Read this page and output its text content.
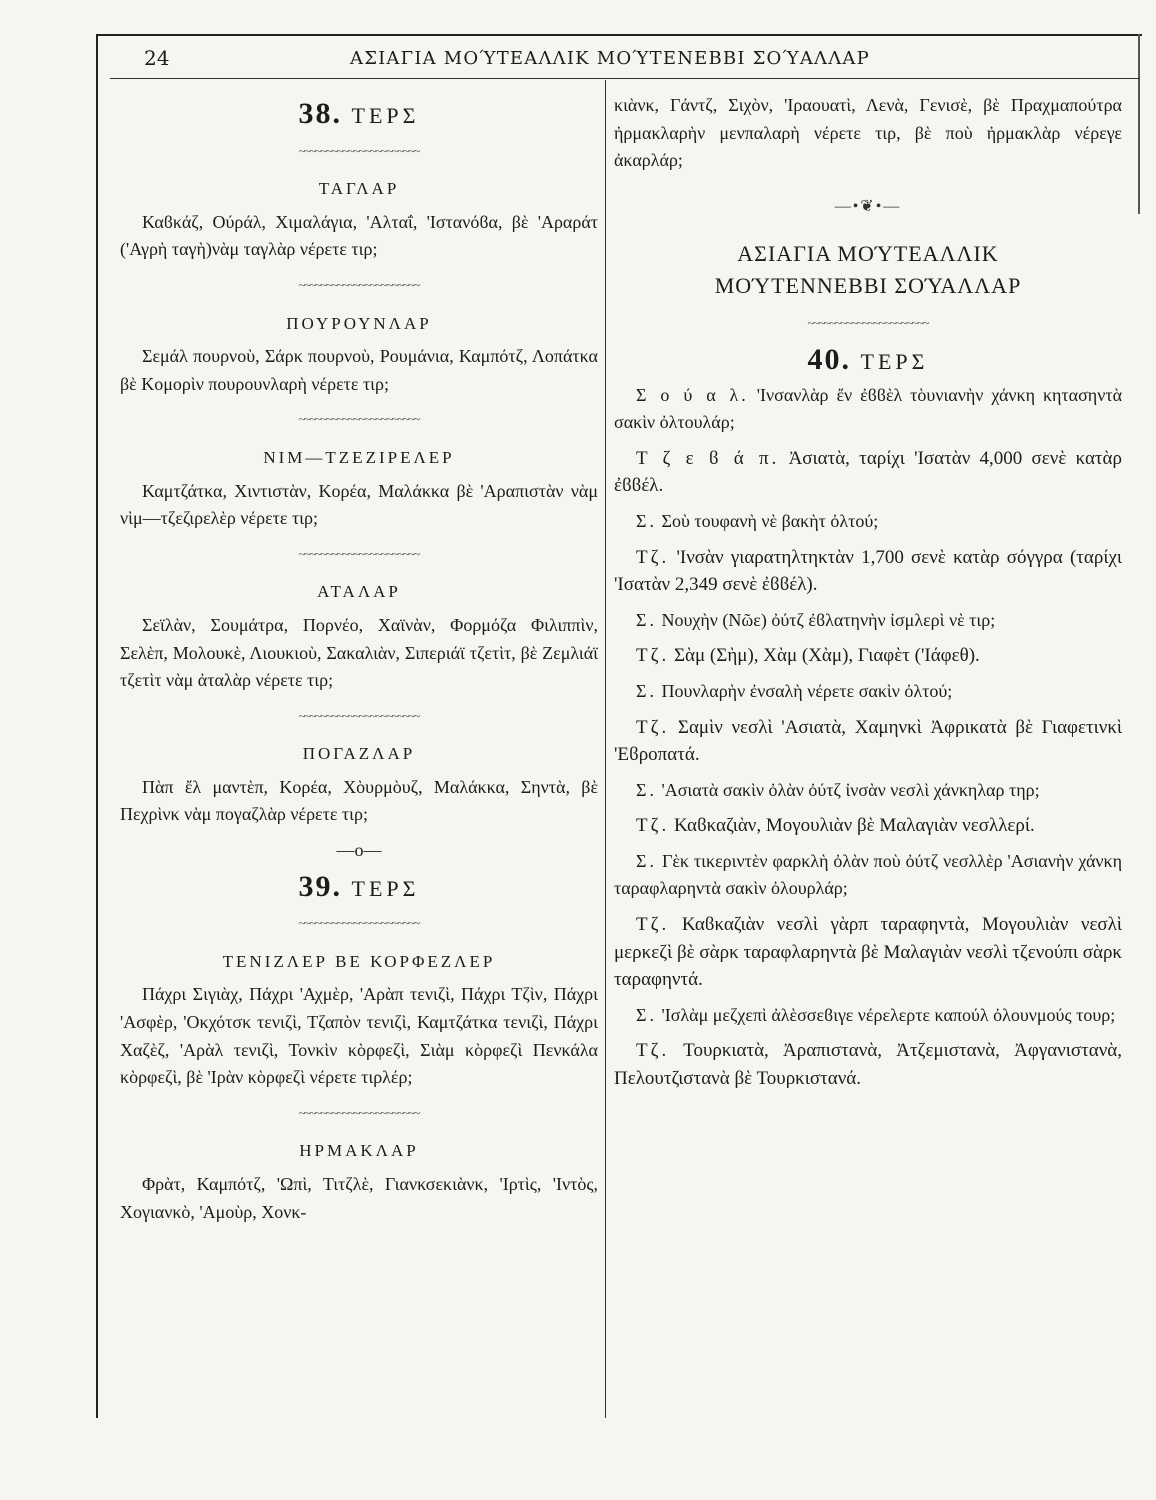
24	ΑΣΙΑΓΙΑ ΜΟΎΤΕΑΛΛΙΚ ΜΟΎΤΕΝΕΒΒΙ ΣΟΎΑΛΛΑΡ
38. ΤΕΡΣ
~~~~~~~~~~~~~~~~~~~~~~
ΤΑΓΛΑΡ

Καϐκάζ, Ούράλ, Χιμαλάγια, 'Αλταΐ, 'Ιστανόϐα, βὲ 'Αραράτ ('Αγρὴ ταγὴ)νὰμ ταγλὰρ νέρετε τιρ;

~~~~~~~~~~~~~~~~~~~~~~
ΠΟΥΡΟΥΝΛΑΡ

Σεμάλ πουρνοὺ, Σάρκ πουρνοὺ, Ρουμάνια, Καμπότζ, Λοπάτκα βὲ Κομορὶν πουρουνλαρὴ νέρετε τιρ;

~~~~~~~~~~~~~~~~~~~~~~
ΝΙΜ—ΤΖΕΖΙΡΕΛΕΡ

Καμτζάτκα, Χιντιστὰν, Κορέα, Μαλάκκα βὲ 'Αραπιστὰν νὰμ νὶμ—τζεζιρελὲρ νέρετε τιρ;

~~~~~~~~~~~~~~~~~~~~~~
ΑΤΑΛΑΡ

Σεϊλὰν, Σουμάτρα, Πορνέο, Χαϊνὰν, Φορμόζα Φιλιππὶν, Σελὲπ, Μολουκὲ, Λιουκιοὺ, Σακαλιὰν, Σιπεριάϊ τζετὶτ, βὲ Ζεμλιάϊ τζετὶτ νὰμ ἀταλὰρ νέρετε τιρ;

~~~~~~~~~~~~~~~~~~~~~~
ΠΟΓΑΖΛΑΡ

Πὰπ ἔλ μαντὲπ, Κορέα, Χὸυρμὸυζ, Μαλάκκα, Σηντὰ, βὲ Πεχρὶνκ νὰμ πογαζλὰρ νέρετε τιρ;

—ο—
39. ΤΕΡΣ
~~~~~~~~~~~~~~~~~~~~~~
ΤΕΝΙΖΛΕΡ ΒΕ ΚΟΡΦΕΖΛΕΡ

Πάχρι Σιγιὰχ, Πάχρι 'Αχμὲρ, 'Αρὰπ τενιζὶ, Πάχρι Τζὶν, Πάχρι 'Ασφὲρ, 'Οκχότσκ τενιζὶ, Τζαπὸν τενιζὶ, Καμτζάτκα τενιζὶ, Πάχρι Χαζὲζ, 'Αρὰλ τενιζὶ, Τονκὶν κὸρφεζὶ, Σιὰμ κὸρφεζὶ Πενκάλα κὸρφεζὶ, βὲ 'Ιρὰν κὸρφεζὶ νέρετε τιρλέρ;

~~~~~~~~~~~~~~~~~~~~~~
ΗΡΜΑΚΛΑΡ

Φρὰτ, Καμπότζ, 'Ωπὶ, Τιτζλὲ, Γιανκσεκιὰνκ, 'Ιρτὶς, 'Ιντὸς, Χογιανκὸ, 'Αμοὺρ, Χονκ-

κιὰνκ, Γάντζ, Σιχὸν, 'Ιραουατὶ, Λενὰ, Γενισὲ, βὲ Πραχμαπούτρα ἠρμακλαρὴν μενπαλαρὴ νέρετε τιρ, βὲ ποὺ ἠρμακλὰρ νέρεγε ἀκαρλάρ;

—•❦•—
ΑΣΙΑΓΙΑ ΜΟΎΤΕΑΛΛΙΚ
ΜΟΎΤΕΝΝΕΒΒΙ ΣΟΎΑΛΛΑΡ
~~~~~~~~~~~~~~~~~~~~~~
40. ΤΕΡΣ

Σ ο ύ α λ. 'Ινσανλὰρ ἔν ἐϐϐὲλ τὸυνιανὴν χάνκη κητασηντὰ σακὶν ὀλτουλάρ;

Τ ζ ε ϐ ά π. Ἀσιατὰ, ταρίχι 'Ισατὰν 4,000 σενὲ κατὰρ ἐϐϐέλ.

Σ. Σοὺ τουφανὴ νὲ βακὴτ ὀλτού;

Τζ. 'Ινσὰν γιαρατηλτηκτὰν 1,700 σενὲ κατὰρ σόγγρα (ταρίχι 'Ισατὰν 2,349 σενὲ ἐϐϐέλ).

Σ. Νουχὴν (Νῶε) ὀύτζ ἐϐλατηνὴν ἰσμλερὶ νὲ τιρ;

Τζ. Σὰμ (Σὴμ), Χὰμ (Χὰμ), Γιαφὲτ ('Ιάφεθ).

Σ. Πουνλαρὴν ἐνσαλὴ νέρετε σακὶν ὀλτού;

Τζ. Σαμὶν νεσλὶ 'Ασιατὰ, Χαμηνκὶ Ἀφρικατὰ βὲ Γιαφετινκὶ 'Εϐροπατά.

Σ. 'Ασιατὰ σακὶν ὀλὰν ὀύτζ ἰνσὰν νεσλὶ χάνκηλαρ τηρ;

Τζ. Καϐκαζιὰν, Μογουλιὰν βὲ Μαλαγιὰν νεσλλερί.

Σ. Γὲκ τικεριντὲν φαρκλὴ ὀλὰν ποὺ ὀύτζ νεσλλὲρ 'Ασιανὴν χάνκη ταραφλαρηντὰ σακὶν ὀλουρλάρ;

Τζ. Καϐκαζιὰν νεσλὶ γὰρπ ταραφηντὰ, Μογουλιὰν νεσλὶ μερκεζὶ βὲ σὰρκ ταραφλαρηντὰ βὲ Μαλαγιὰν νεσλὶ τζενούπι σὰρκ ταραφηντά.

Σ. 'Ισλὰμ μεζχεπὶ ἀλὲσσεϐιγε νέρελερτε καπούλ ὀλουνμούς τουρ;

Τζ. Τουρκιατὰ, Ἀραπιστανὰ, Ἀτζεμιστανὰ, Ἀφγανιστανὰ, Πελουτζιστανὰ βὲ Τουρκιστανά.
